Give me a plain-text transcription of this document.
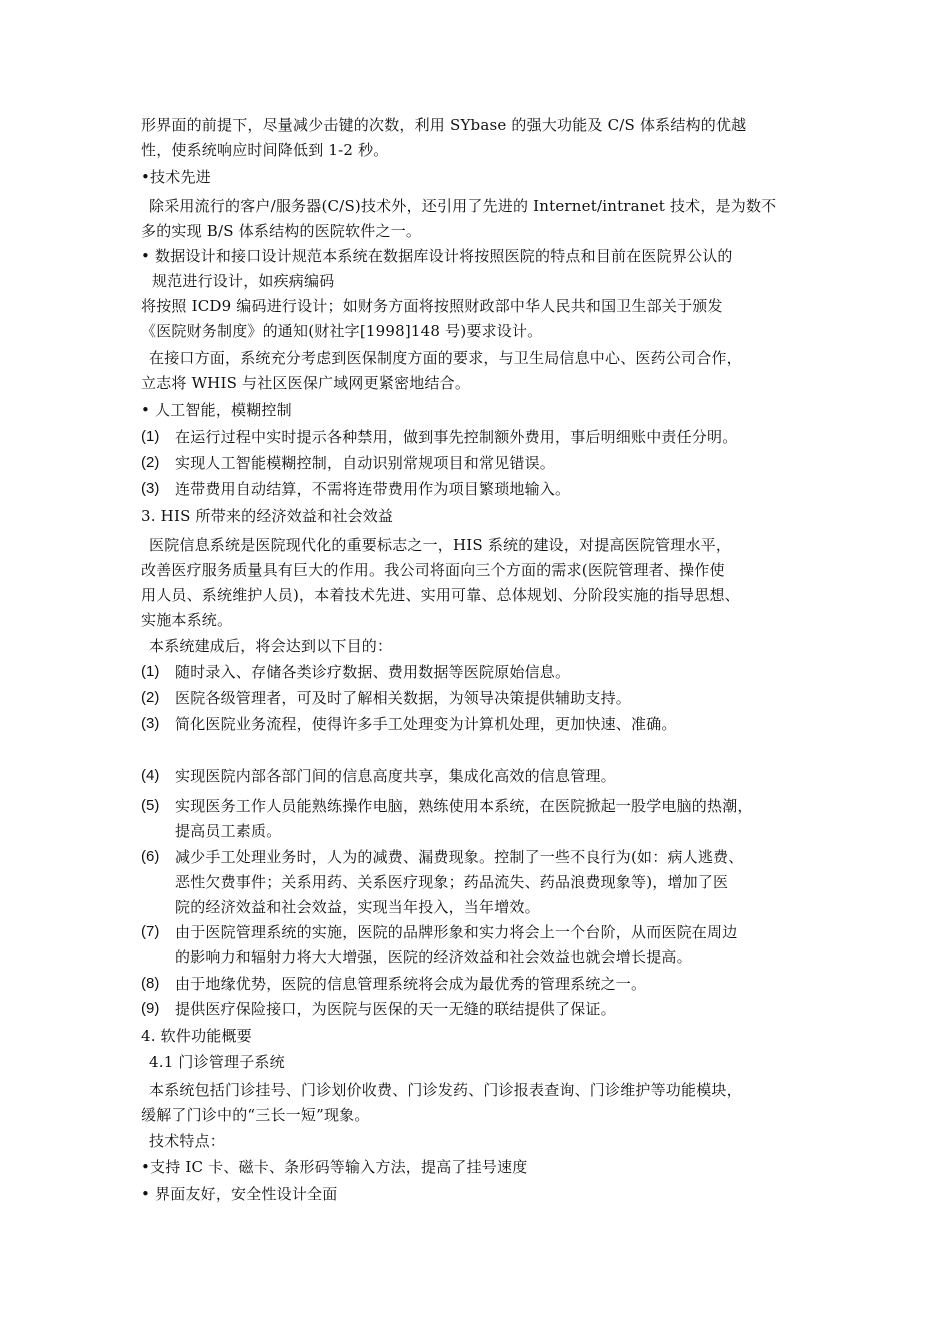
形界面的前提下，尽量减少击键的次数，利用 SYbase 的强大功能及 C/S 体系结构的优越
性，使系统响应时间降低到 1-2 秒。
•技术先进
除采用流行的客户/服务器(C/S)技术外，还引用了先进的 Internet/intranet 技术，是为数不
多的实现 B/S 体系结构的医院软件之一。
• 数据设计和接口设计规范本系统在数据库设计将按照医院的特点和目前在医院界公认的
规范进行设计，如疾病编码
将按照 ICD9 编码进行设计；如财务方面将按照财政部中华人民共和国卫生部关于颁发
《医院财务制度》的通知(财社字[1998]148 号)要求设计。
在接口方面，系统充分考虑到医保制度方面的要求，与卫生局信息中心、医药公司合作，
立志将 WHIS 与社区医保广域网更紧密地结合。
• 人工智能，模糊控制
(1) 在运行过程中实时提示各种禁用，做到事先控制额外费用，事后明细账中责任分明。
(2) 实现人工智能模糊控制，自动识别常规项目和常见错误。
(3) 连带费用自动结算，不需将连带费用作为项目繁琐地输入。
3. HIS 所带来的经济效益和社会效益
医院信息系统是医院现代化的重要标志之一，HIS 系统的建设，对提高医院管理水平，
改善医疗服务质量具有巨大的作用。我公司将面向三个方面的需求(医院管理者、操作使
用人员、系统维护人员)，本着技术先进、实用可靠、总体规划、分阶段实施的指导思想、
实施本系统。
本系统建成后，将会达到以下目的：
(1) 随时录入、存储各类诊疗数据、费用数据等医院原始信息。
(2) 医院各级管理者，可及时了解相关数据，为领导决策提供辅助支持。
(3) 简化医院业务流程，使得许多手工处理变为计算机处理，更加快速、准确。
(4) 实现医院内部各部门间的信息高度共享，集成化高效的信息管理。
(5) 实现医务工作人员能熟练操作电脑，熟练使用本系统，在医院掀起一股学电脑的热潮，
提高员工素质。
(6) 减少手工处理业务时，人为的减费、漏费现象。控制了一些不良行为(如：病人逃费、
恶性欠费事件；关系用药、关系医疗现象；药品流失、药品浪费现象等)，增加了医
院的经济效益和社会效益，实现当年投入，当年增效。
(7) 由于医院管理系统的实施，医院的品牌形象和实力将会上一个台阶，从而医院在周边
的影响力和辐射力将大大增强，医院的经济效益和社会效益也就会增长提高。
(8) 由于地缘优势，医院的信息管理系统将会成为最优秀的管理系统之一。
(9) 提供医疗保险接口，为医院与医保的天一无缝的联结提供了保证。
4. 软件功能概要
4.1 门诊管理子系统
本系统包括门诊挂号、门诊划价收费、门诊发药、门诊报表查询、门诊维护等功能模块，
缓解了门诊中的“三长一短”现象。
技术特点：
•支持 IC 卡、磁卡、条形码等输入方法，提高了挂号速度
• 界面友好，安全性设计全面
